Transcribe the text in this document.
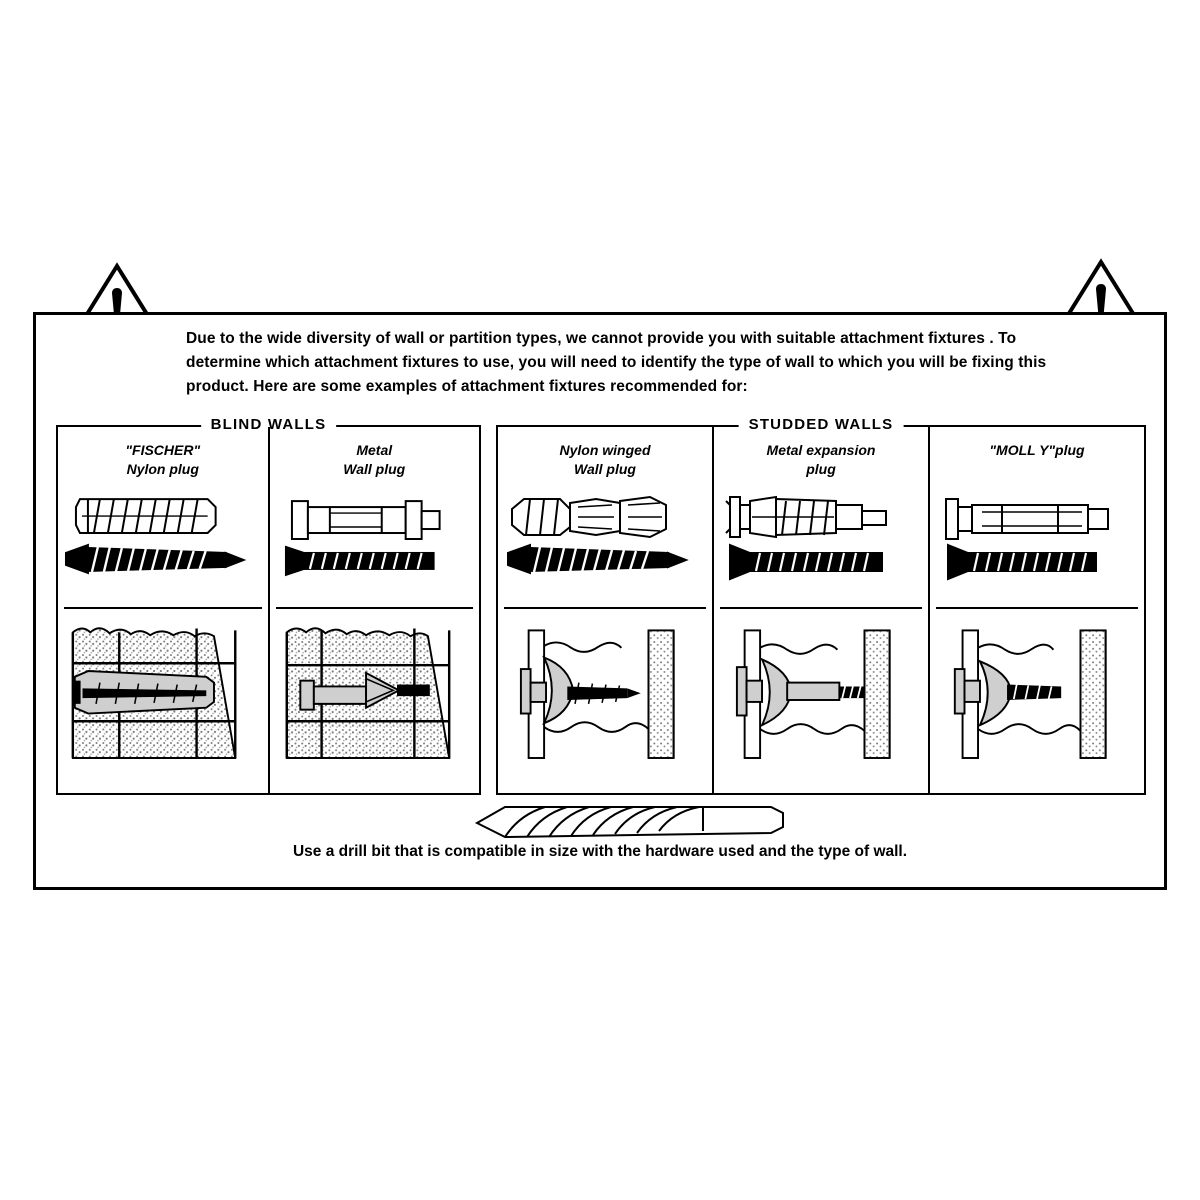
Due to the wide diversity of wall or partition types, we cannot provide you with suitable attachment fixtures . To determine which attachment fixtures to use, you will need to identify the type of wall to which you will be fixing this product. Here are some examples of attachment fixtures recommended for:
BLIND WALLS
"FISCHER"
Nylon plug
Metal
Wall plug
STUDDED WALLS
Nylon winged
Wall plug
Metal expansion
plug
"MOLL Y"plug
Use a drill bit that is compatible in size with the hardware used and the type of wall.
